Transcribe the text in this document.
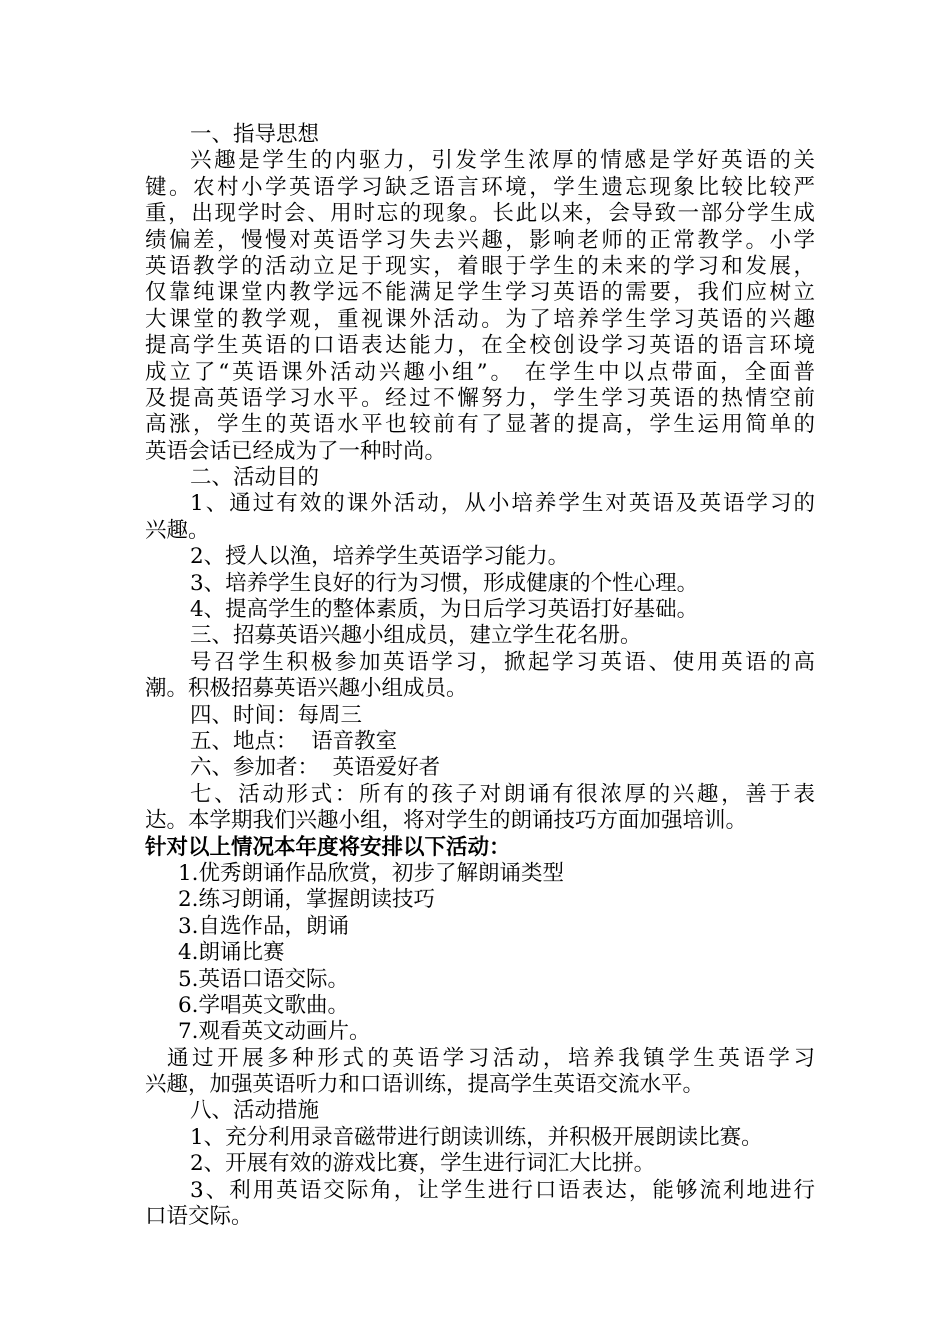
一、指导思想
兴趣是学生的内驱力，引发学生浓厚的情感是学好英语的关
键。农村小学英语学习缺乏语言环境，学生遗忘现象比较比较严
重，出现学时会、用时忘的现象。长此以来，会导致一部分学生成
绩偏差，慢慢对英语学习失去兴趣，影响老师的正常教学。小学
英语教学的活动立足于现实，着眼于学生的未来的学习和发展，
仅靠纯课堂内教学远不能满足学生学习英语的需要，我们应树立
大课堂的教学观，重视课外活动。为了培养学生学习英语的兴趣
提高学生英语的口语表达能力，在全校创设学习英语的语言环境
成立了“英语课外活动兴趣小组”。 在学生中以点带面，全面普
及提高英语学习水平。经过不懈努力，学生学习英语的热情空前
高涨，学生的英语水平也较前有了显著的提高，学生运用简单的
英语会话已经成为了一种时尚。
二、活动目的
1、通过有效的课外活动，从小培养学生对英语及英语学习的
兴趣。
2、授人以渔，培养学生英语学习能力。
3、培养学生良好的行为习惯，形成健康的个性心理。
4、提高学生的整体素质，为日后学习英语打好基础。
三、招募英语兴趣小组成员，建立学生花名册。
号召学生积极参加英语学习，掀起学习英语、使用英语的高
潮。积极招募英语兴趣小组成员。
四、时间：每周三
五、地点：  语音教室
六、参加者：  英语爱好者
七、活动形式：所有的孩子对朗诵有很浓厚的兴趣，善于表
达。本学期我们兴趣小组，将对学生的朗诵技巧方面加强培训。
针对以上情况本年度将安排以下活动：
1.优秀朗诵作品欣赏，初步了解朗诵类型
2.练习朗诵，掌握朗读技巧
3.自选作品，朗诵
4.朗诵比赛
5.英语口语交际。
6.学唱英文歌曲。
7.观看英文动画片。
通过开展多种形式的英语学习活动，培养我镇学生英语学习
兴趣，加强英语听力和口语训练，提高学生英语交流水平。
八、活动措施
1、充分利用录音磁带进行朗读训练，并积极开展朗读比赛。
2、开展有效的游戏比赛，学生进行词汇大比拼。
3、利用英语交际角，让学生进行口语表达，能够流利地进行
口语交际。
